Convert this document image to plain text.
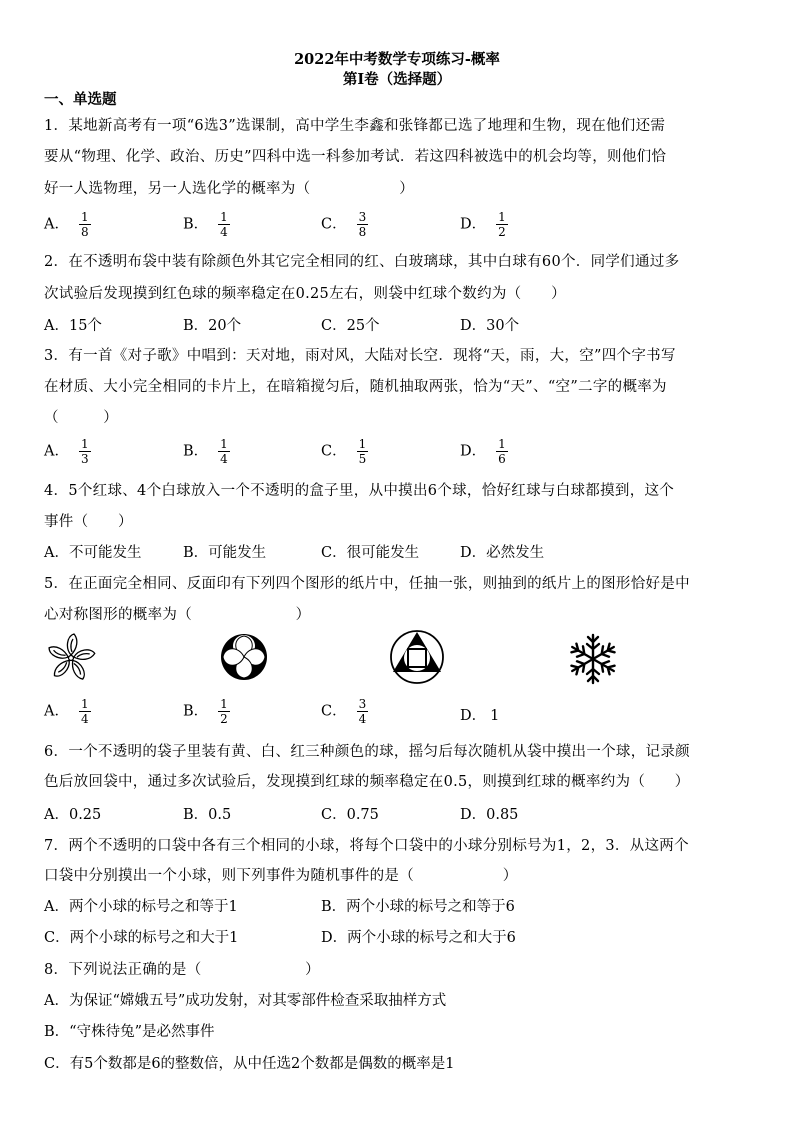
2022年中考数学专项练习-概率
第Ⅰ卷（选择题）
一、单选题
1．某地新高考有一项“6选3”选课制，高中学生李鑫和张锋都已选了地理和生物，现在他们还需
要从“物理、化学、政治、历史”四科中选一科参加考试．若这四科被选中的机会均等，则他们恰
好一人选物理，另一人选化学的概率为（　　　　　　）
A． $\frac{1}{8}$	B． $\frac{1}{4}$	C． $\frac{3}{8}$	D． $\frac{1}{2}$
2．在不透明布袋中装有除颜色外其它完全相同的红、白玻璃球，其中白球有60个．同学们通过多
次试验后发现摸到红色球的频率稳定在0.25左右，则袋中红球个数约为（　　）
A．15个	B．20个	C．25个	D．30个
3．有一首《对子歌》中唱到：天对地，雨对风，大陆对长空．现将“天，雨，大，空”四个字书写
在材质、大小完全相同的卡片上，在暗箱搅匀后，随机抽取两张，恰为“天”、“空”二字的概率为
（　　　）
A． $\frac{1}{3}$	B． $\frac{1}{4}$	C． $\frac{1}{5}$	D． $\frac{1}{6}$
4．5个红球、4个白球放入一个不透明的盒子里，从中摸出6个球，恰好红球与白球都摸到，这个
事件（　　）
A．不可能发生	B．可能发生	C．很可能发生	D．必然发生
5．在正面完全相同、反面印有下列四个图形的纸片中，任抽一张，则抽到的纸片上的图形恰好是中
心对称图形的概率为（　　　　　　　）
A． $\frac{1}{4}$	B． $\frac{1}{2}$	C． $\frac{3}{4}$	D． 1
6．一个不透明的袋子里装有黄、白、红三种颜色的球，摇匀后每次随机从袋中摸出一个球，记录颜
色后放回袋中，通过多次试验后，发现摸到红球的频率稳定在0.5，则摸到红球的概率约为（　　）
A．0.25	B．0.5	C．0.75	D．0.85
7．两个不透明的口袋中各有三个相同的小球，将每个口袋中的小球分别标号为1，2，3．从这两个
口袋中分别摸出一个小球，则下列事件为随机事件的是（　　　　　　）
A．两个小球的标号之和等于1	B．两个小球的标号之和等于6
C．两个小球的标号之和大于1	D．两个小球的标号之和大于6
8．下列说法正确的是（　　　　　　　）
A．为保证“嫦娥五号”成功发射，对其零部件检查采取抽样方式
B．“守株待兔”是必然事件
C．有5个数都是6的整数倍，从中任选2个数都是偶数的概率是1
